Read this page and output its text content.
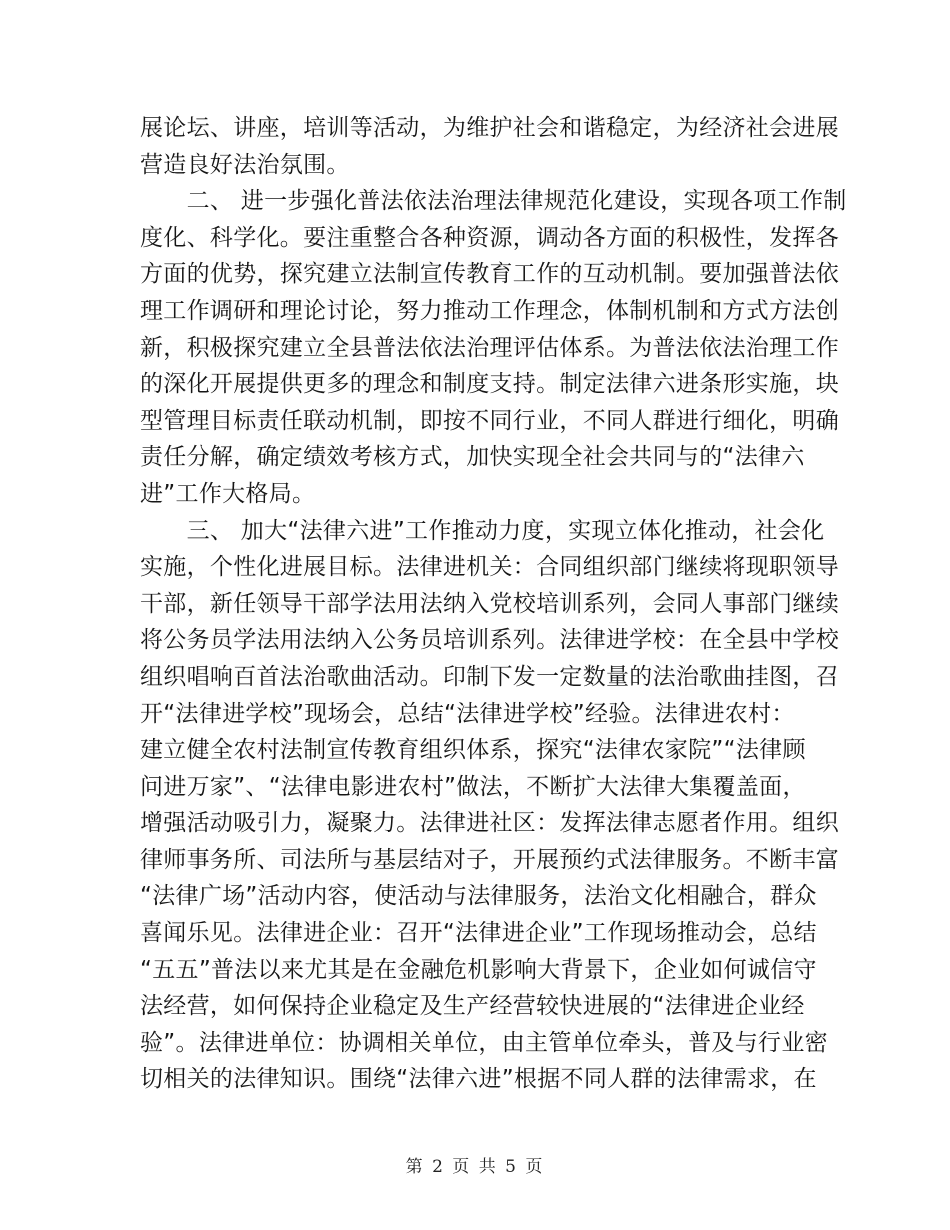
展论坛、讲座，培训等活动，为维护社会和谐稳定，为经济社会进展
营造良好法治氛围。
　　二、 进一步强化普法依法治理法律规范化建设，实现各项工作制
度化、科学化。要注重整合各种资源，调动各方面的积极性，发挥各
方面的优势，探究建立法制宣传教育工作的互动机制。要加强普法依
理工作调研和理论讨论，努力推动工作理念，体制机制和方式方法创
新，积极探究建立全县普法依法治理评估体系。为普法依法治理工作
的深化开展提供更多的理念和制度支持。制定法律六进条形实施，块
型管理目标责任联动机制，即按不同行业，不同人群进行细化，明确
责任分解，确定绩效考核方式，加快实现全社会共同与的“法律六
进”工作大格局。
　　三、 加大“法律六进”工作推动力度，实现立体化推动，社会化
实施，个性化进展目标。法律进机关：合同组织部门继续将现职领导
干部，新任领导干部学法用法纳入党校培训系列，会同人事部门继续
将公务员学法用法纳入公务员培训系列。法律进学校：在全县中学校
组织唱响百首法治歌曲活动。印制下发一定数量的法治歌曲挂图，召
开“法律进学校”现场会，总结“法律进学校”经验。法律进农村：
建立健全农村法制宣传教育组织体系，探究“法律农家院”“法律顾
问进万家”、“法律电影进农村”做法，不断扩大法律大集覆盖面，
增强活动吸引力，凝聚力。法律进社区：发挥法律志愿者作用。组织
律师事务所、司法所与基层结对子，开展预约式法律服务。不断丰富
“法律广场”活动内容，使活动与法律服务，法治文化相融合，群众
喜闻乐见。法律进企业：召开“法律进企业”工作现场推动会，总结
“五五”普法以来尤其是在金融危机影响大背景下，企业如何诚信守
法经营，如何保持企业稳定及生产经营较快进展的“法律进企业经
验”。法律进单位：协调相关单位，由主管单位牵头，普及与行业密
切相关的法律知识。围绕“法律六进”根据不同人群的法律需求，在
第 2 页 共 5 页
